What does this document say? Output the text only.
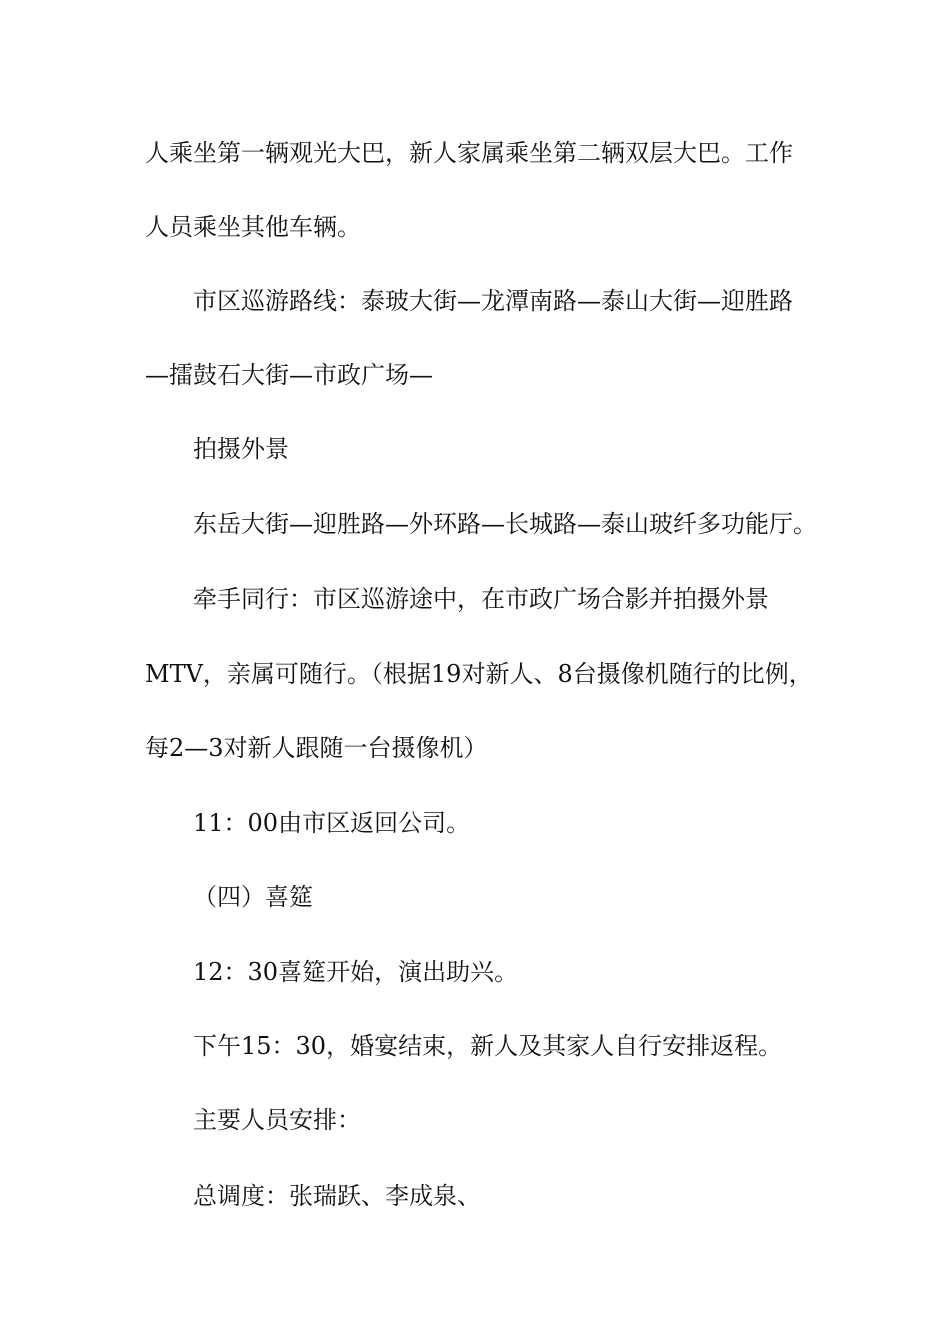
人乘坐第一辆观光大巴，新人家属乘坐第二辆双层大巴。工作
人员乘坐其他车辆。
市区巡游路线：泰玻大街—龙潭南路—泰山大街—迎胜路
—擂鼓石大街—市政广场—
拍摄外景
东岳大街—迎胜路—外环路—长城路—泰山玻纤多功能厅。
牵手同行：市区巡游途中，在市政广场合影并拍摄外景
MTV，亲属可随行。（根据19对新人、8台摄像机随行的比例，
每2—3对新人跟随一台摄像机）
11：00由市区返回公司。
（四）喜筵
12：30喜筵开始，演出助兴。
下午15：30，婚宴结束，新人及其家人自行安排返程。
主要人员安排：
总调度：张瑞跃、李成泉、
